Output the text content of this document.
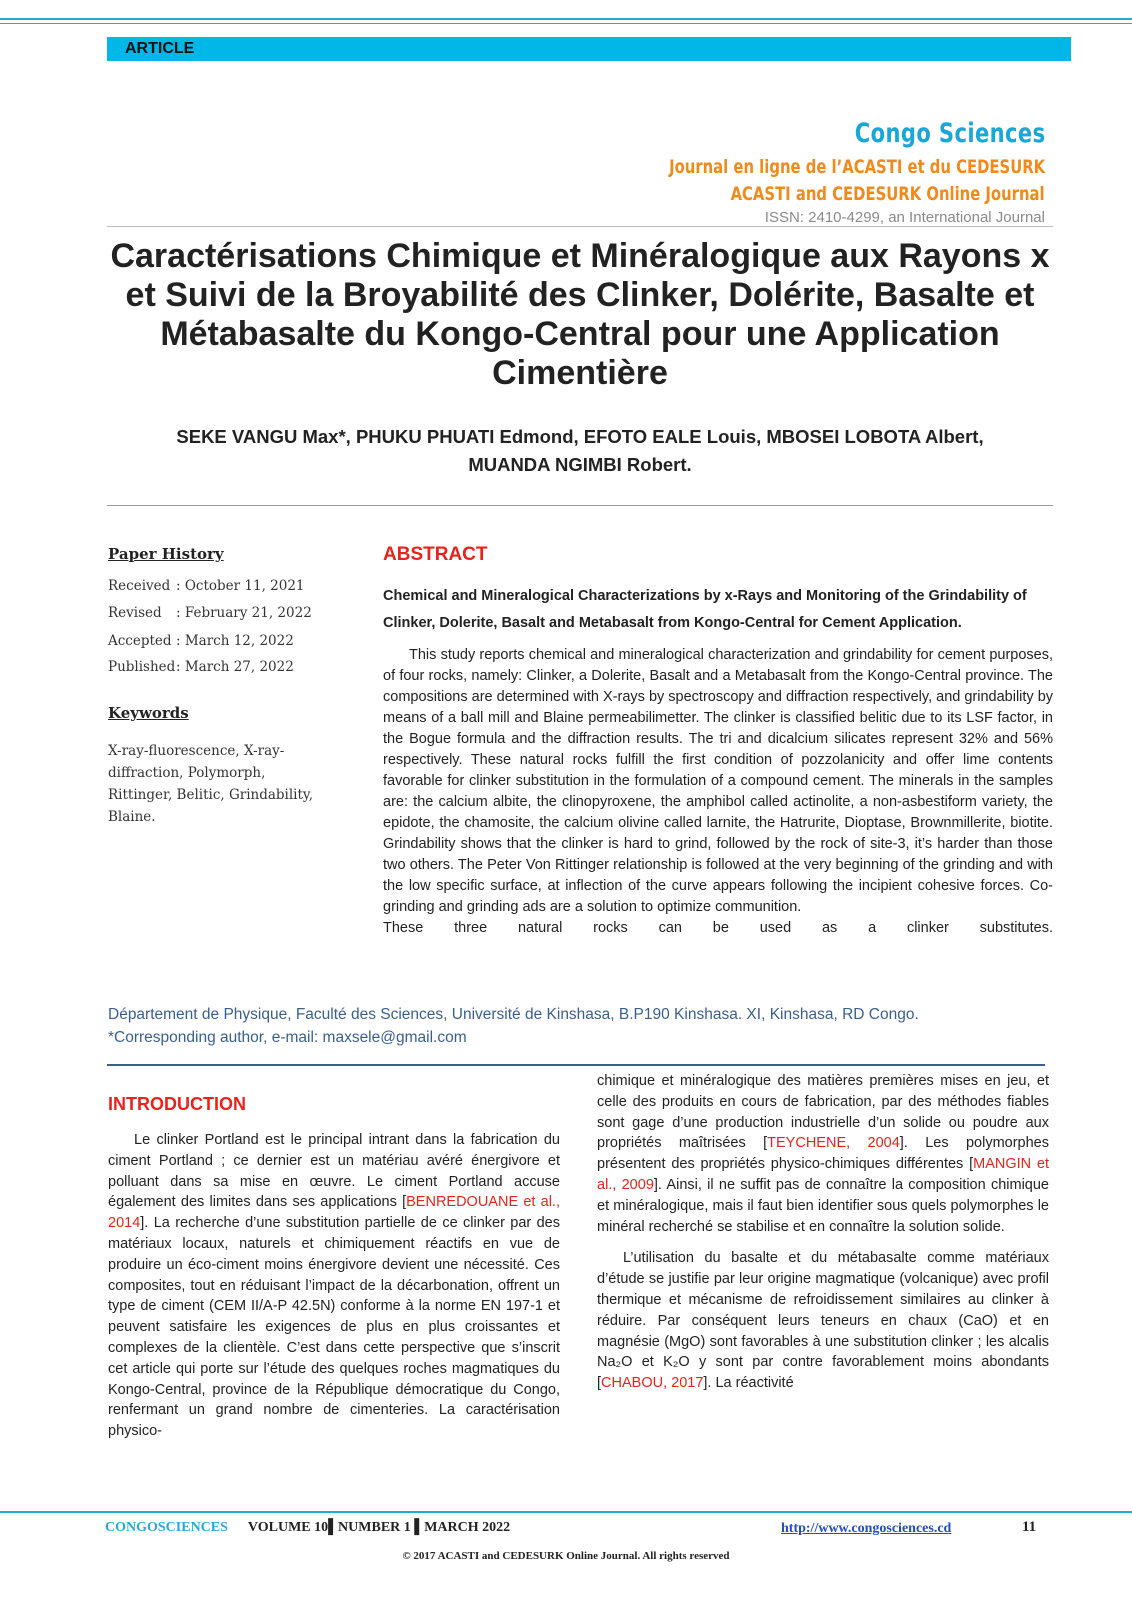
ARTICLE
Congo Sciences
Journal en ligne de l’ACASTI et du CEDESURK
ACASTI and CEDESURK Online Journal
ISSN: 2410-4299, an International Journal
Caractérisations Chimique et Minéralogique aux Rayons x et Suivi de la Broyabilité des Clinker, Dolérite, Basalte et Métabasalte du Kongo-Central pour une Application Cimentière
SEKE VANGU Max*, PHUKU PHUATI Edmond, EFOTO EALE Louis, MBOSEI LOBOTA Albert,
MUANDA NGIMBI Robert.
Paper History
Received : October 11, 2021
Revised : February 21, 2022
Accepted : March 12, 2022
Published: March 27, 2022
Keywords
X-ray-fluorescence, X-ray-diffraction, Polymorph, Rittinger, Belitic, Grindability, Blaine.
ABSTRACT
Chemical and Mineralogical Characterizations by x-Rays and Monitoring of the Grindability of Clinker, Dolerite, Basalt and Metabasalt from Kongo-Central for Cement Application.
This study reports chemical and mineralogical characterization and grindability for cement purposes, of four rocks, namely: Clinker, a Dolerite, Basalt and a Metabasalt from the Kongo-Central province. The compositions are determined with X-rays by spectroscopy and diffraction respectively, and grindability by means of a ball mill and Blaine permeabilimetter. The clinker is classified belitic due to its LSF factor, in the Bogue formula and the diffraction results. The tri and dicalcium silicates represent 32% and 56% respectively. These natural rocks fulfill the first condition of pozzolanicity and offer lime contents favorable for clinker substitution in the formulation of a compound cement. The minerals in the samples are: the calcium albite, the clinopyroxene, the amphibol called actinolite, a non-asbestiform variety, the epidote, the chamosite, the calcium olivine called larnite, the Hatrurite, Dioptase, Brownmillerite, biotite. Grindability shows that the clinker is hard to grind, followed by the rock of site-3, it’s harder than those two others. The Peter Von Rittinger relationship is followed at the very beginning of the grinding and with the low specific surface, at inflection of the curve appears following the incipient cohesive forces. Co-grinding and grinding ads are a solution to optimize communition.
These three natural rocks can be used as a clinker substitutes.
Département de Physique, Faculté des Sciences, Université de Kinshasa, B.P190 Kinshasa. XI, Kinshasa, RD Congo.
*Corresponding author, e-mail: maxsele@gmail.com
INTRODUCTION

Le clinker Portland est le principal intrant dans la fabrication du ciment Portland ; ce dernier est un matériau avéré énergivore et polluant dans sa mise en œuvre. Le ciment Portland accuse également des limites dans ses applications [BENREDOUANE et al., 2014]. La recherche d’une substitution partielle de ce clinker par des matériaux locaux, naturels et chimiquement réactifs en vue de produire un éco-ciment moins énergivore devient une nécessité. Ces composites, tout en réduisant l’impact de la décarbonation, offrent un type de ciment (CEM II/A-P 42.5N) conforme à la norme EN 197-1 et peuvent satisfaire les exigences de plus en plus croissantes et complexes de la clientèle. C’est dans cette perspective que s’inscrit cet article qui porte sur l’étude des quelques roches magmatiques du Kongo-Central, province de la République démocratique du Congo, renfermant un grand nombre de cimenteries. La caractérisation physico-

chimique et minéralogique des matières premières mises en jeu, et celle des produits en cours de fabrication, par des méthodes fiables sont gage d’une production industrielle d’un solide ou poudre aux propriétés maîtrisées [TEYCHENE, 2004]. Les polymorphes présentent des propriétés physico-chimiques différentes [MANGIN et al., 2009]. Ainsi, il ne suffit pas de connaître la composition chimique et minéralogique, mais il faut bien identifier sous quels polymorphes le minéral recherché se stabilise et en connaître la solution solide.

L’utilisation du basalte et du métabasalte comme matériaux d’étude se justifie par leur origine magmatique (volcanique) avec profil thermique et mécanisme de refroidissement similaires au clinker à réduire. Par conséquent leurs teneurs en chaux (CaO) et en magnésie (MgO) sont favorables à une substitution clinker ; les alcalis Na₂O et K₂O y sont par contre favorablement moins abondants [CHABOU, 2017]. La réactivité

CONGOSCIENCES VOLUME 10▌NUMBER 1 ▌MARCH 2022	http://www.congosciences.cd	11
© 2017 ACASTI and CEDESURK Online Journal. All rights reserved
